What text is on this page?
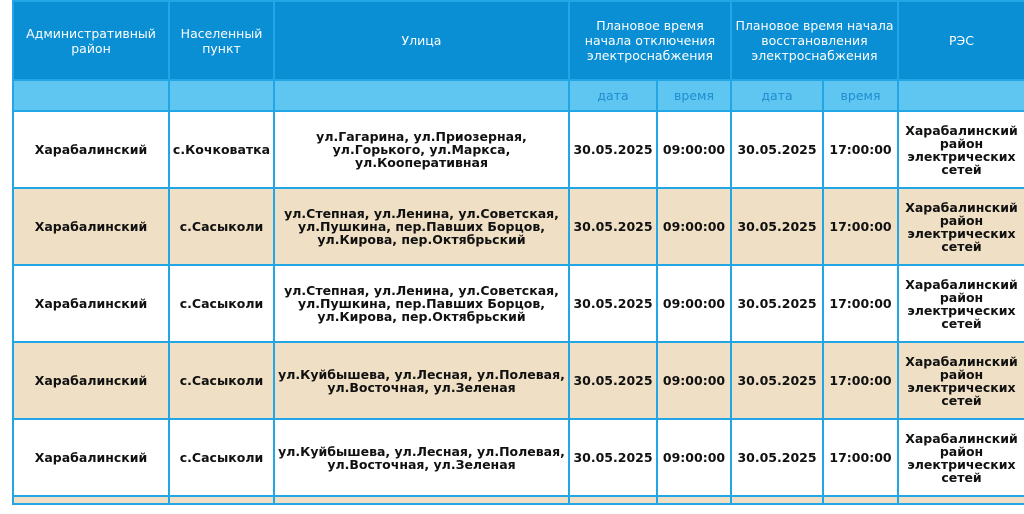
Административный район	Населенный пункт	Улица	Плановое время начала отключения электроснабжения		Плановое время начала восстановления электроснабжения		РЭС
			дата	время	дата	время	
Харабалинский	с.Кочковатка	ул.Гагарина, ул.Приозерная, ул.Горького, ул.Маркса, ул.Кооперативная	30.05.2025	09:00:00	30.05.2025	17:00:00	Харабалинский район электрических сетей
Харабалинский	с.Сасыколи	ул.Степная, ул.Ленина, ул.Советская, ул.Пушкина, пер.Павших Борцов, ул.Кирова, пер.Октябрьский	30.05.2025	09:00:00	30.05.2025	17:00:00	Харабалинский район электрических сетей
Харабалинский	с.Сасыколи	ул.Степная, ул.Ленина, ул.Советская, ул.Пушкина, пер.Павших Борцов, ул.Кирова, пер.Октябрьский	30.05.2025	09:00:00	30.05.2025	17:00:00	Харабалинский район электрических сетей
Харабалинский	с.Сасыколи	ул.Куйбышева, ул.Лесная, ул.Полевая, ул.Восточная, ул.Зеленая	30.05.2025	09:00:00	30.05.2025	17:00:00	Харабалинский район электрических сетей
Харабалинский	с.Сасыколи	ул.Куйбышева, ул.Лесная, ул.Полевая, ул.Восточная, ул.Зеленая	30.05.2025	09:00:00	30.05.2025	17:00:00	Харабалинский район электрических сетей
